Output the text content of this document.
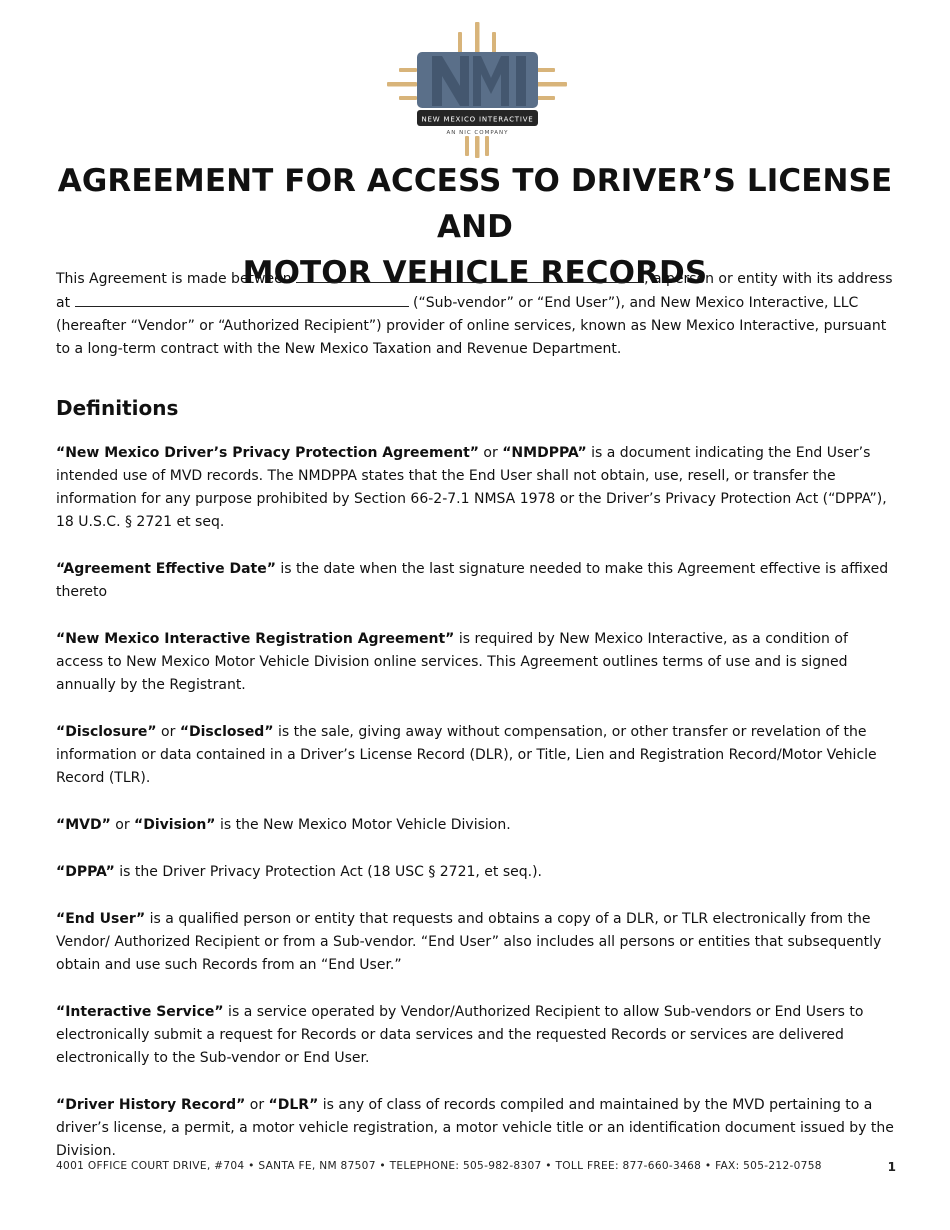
NEW MEXICO INTERACTIVE
AN NIC COMPANY
AGREEMENT FOR ACCESS TO DRIVER’S LICENSE AND
MOTOR VEHICLE RECORDS

This Agreement is made between	, a person or entity with its address at	(“Sub-vendor” or “End User”), and New Mexico Interactive, LLC (hereafter “Vendor” or “Authorized Recipient”) provider of online services, known as New Mexico Interactive, pursuant to a long-term contract with the New Mexico Taxation and Revenue Department.

Definitions

“New Mexico Driver’s Privacy Protection Agreement” or “NMDPPA” is a document indicating the End User’s intended use of MVD records. The NMDPPA states that the End User shall not obtain, use, resell, or transfer the information for any purpose prohibited by Section 66-2-7.1 NMSA 1978 or the Driver’s Privacy Protection Act (“DPPA”), 18 U.S.C. § 2721 et seq.

“Agreement Effective Date” is the date when the last signature needed to make this Agreement effective is affixed thereto

“New Mexico Interactive Registration Agreement” is required by New Mexico Interactive, as a condition of access to New Mexico Motor Vehicle Division online services. This Agreement outlines terms of use and is signed annually by the Registrant.

“Disclosure” or “Disclosed” is the sale, giving away without compensation, or other transfer or revelation of the information or data contained in a Driver’s License Record (DLR), or Title, Lien and Registration Record/Motor Vehicle Record (TLR).

“MVD” or “Division” is the New Mexico Motor Vehicle Division.

“DPPA” is the Driver Privacy Protection Act (18 USC § 2721, et seq.).

“End User” is a qualified person or entity that requests and obtains a copy of a DLR, or TLR electronically from the Vendor/ Authorized Recipient or from a Sub-vendor. “End User” also includes all persons or entities that subsequently obtain and use such Records from an “End User.”

“Interactive Service” is a service operated by Vendor/Authorized Recipient to allow Sub-vendors or End Users to electronically submit a request for Records or data services and the requested Records or services are delivered electronically to the Sub-vendor or End User.

“Driver History Record” or “DLR” is any of class of records compiled and maintained by the MVD pertaining to a driver’s license, a permit, a motor vehicle registration, a motor vehicle title or an identification document issued by the Division.

4001 OFFICE COURT DRIVE, #704 • SANTA FE, NM 87507 • TELEPHONE: 505-982-8307 • TOLL FREE: 877-660-3468 • FAX: 505-212-0758	1
